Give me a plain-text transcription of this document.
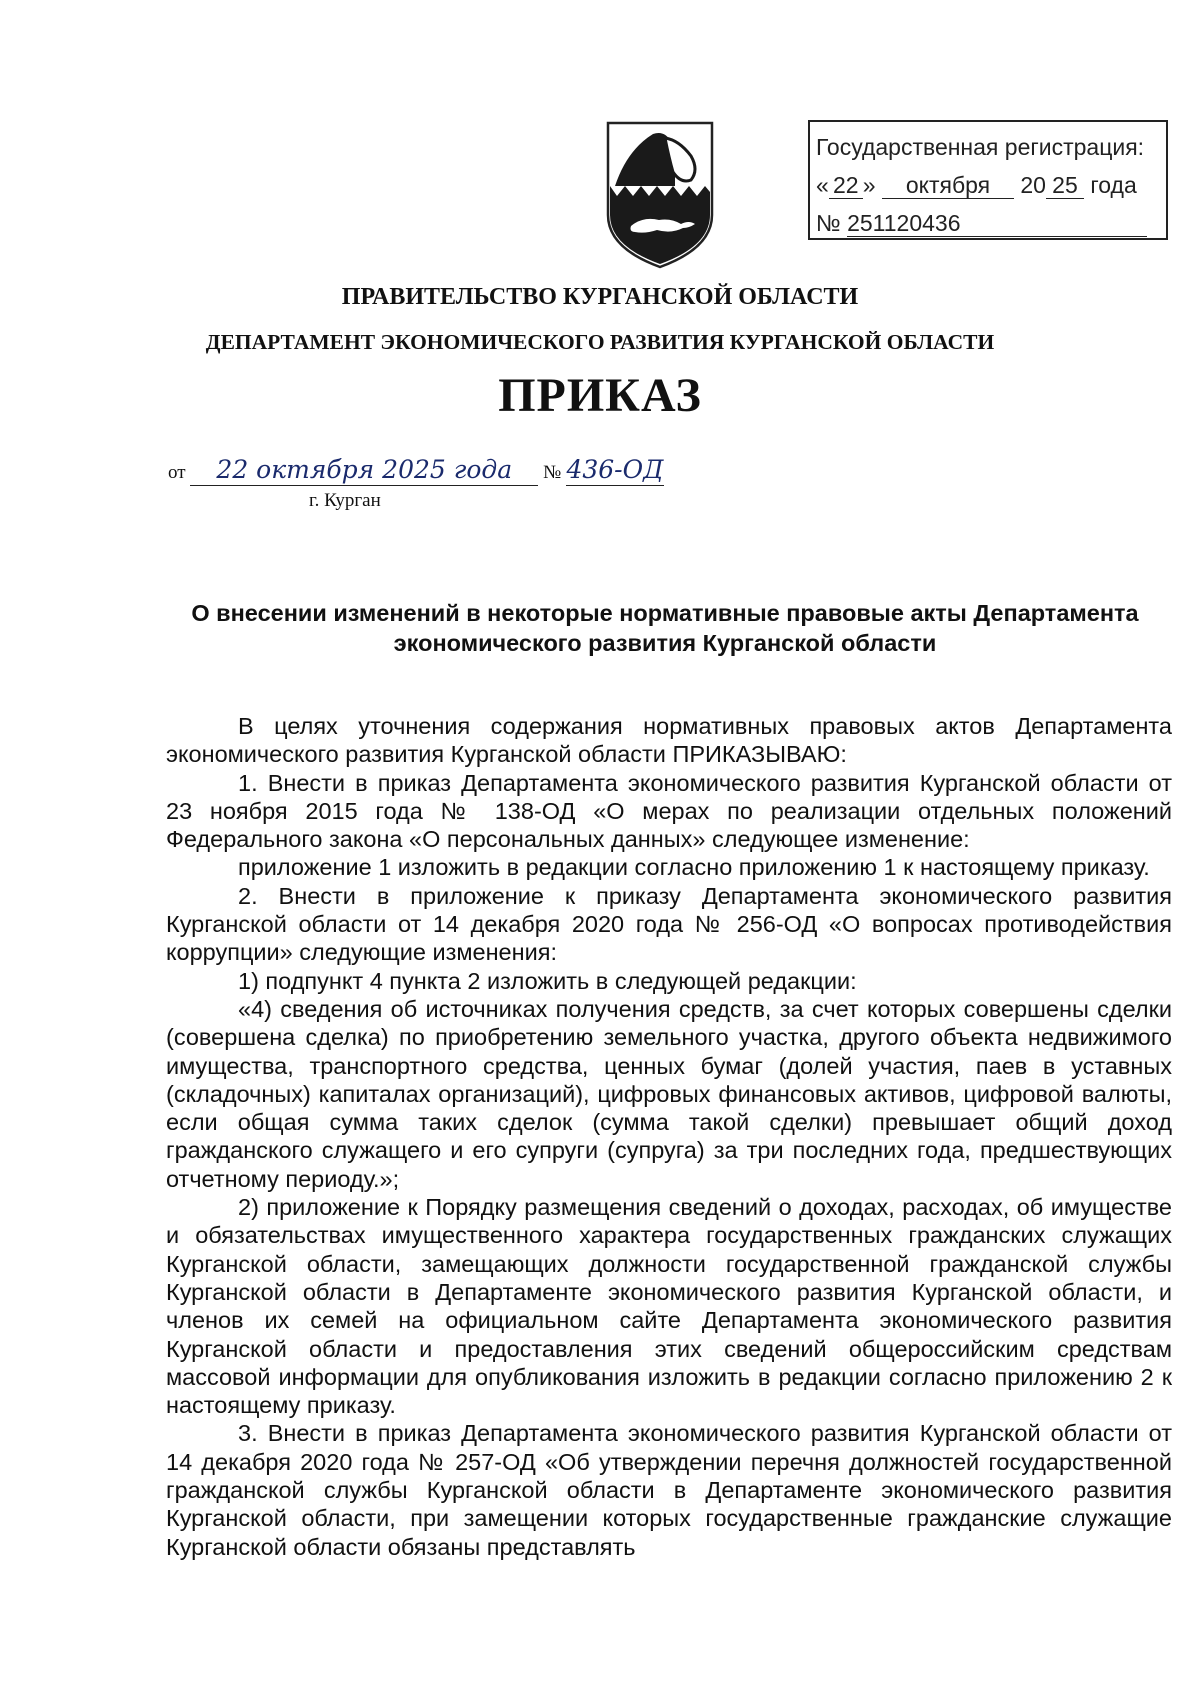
Государственная регистрация:
« 22 » октября 20 25 года
№ 251120436
ПРАВИТЕЛЬСТВО КУРГАНСКОЙ ОБЛАСТИ
ДЕПАРТАМЕНТ ЭКОНОМИЧЕСКОГО РАЗВИТИЯ КУРГАНСКОЙ ОБЛАСТИ
ПРИКАЗ
от 22 октября 2025 года № 436-ОД
г. Курган
О внесении изменений в некоторые нормативные правовые акты Департамента экономического развития Курганской области

В целях уточнения содержания нормативных правовых актов Департамента экономического развития Курганской области ПРИКАЗЫВАЮ:

1. Внести в приказ Департамента экономического развития Курганской области от 23 ноября 2015 года № 138-ОД «О мерах по реализации отдельных положений Федерального закона «О персональных данных» следующее изменение:

приложение 1 изложить в редакции согласно приложению 1 к настоящему приказу.

2. Внести в приложение к приказу Департамента экономического развития Курганской области от 14 декабря 2020 года № 256-ОД «О вопросах противодействия коррупции» следующие изменения:

1) подпункт 4 пункта 2 изложить в следующей редакции:

«4) сведения об источниках получения средств, за счет которых совершены сделки (совершена сделка) по приобретению земельного участка, другого объекта недвижимого имущества, транспортного средства, ценных бумаг (долей участия, паев в уставных (складочных) капиталах организаций), цифровых финансовых активов, цифровой валюты, если общая сумма таких сделок (сумма такой сделки) превышает общий доход гражданского служащего и его супруги (супруга) за три последних года, предшествующих отчетному периоду.»;

2) приложение к Порядку размещения сведений о доходах, расходах, об имуществе и обязательствах имущественного характера государственных гражданских служащих Курганской области, замещающих должности государственной гражданской службы Курганской области в Департаменте экономического развития Курганской области, и членов их семей на официальном сайте Департамента экономического развития Курганской области и предоставления этих сведений общероссийским средствам массовой информации для опубликования изложить в редакции согласно приложению 2 к настоящему приказу.

3. Внести в приказ Департамента экономического развития Курганской области от 14 декабря 2020 года № 257-ОД «Об утверждении перечня должностей государственной гражданской службы Курганской области в Департаменте экономического развития Курганской области, при замещении которых государственные гражданские служащие Курганской области обязаны представлять
